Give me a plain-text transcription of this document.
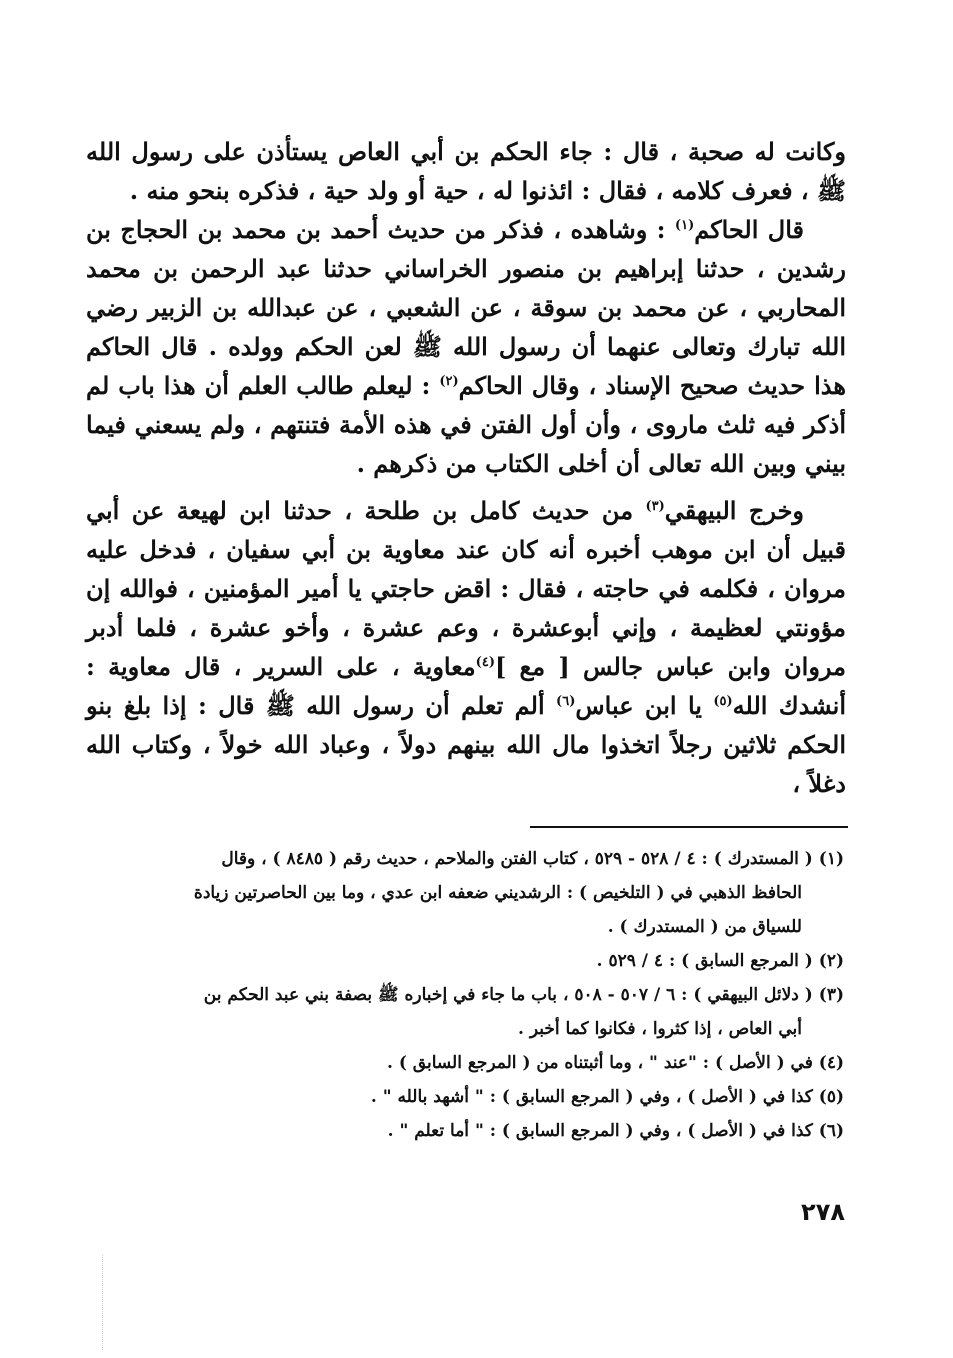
وكانت له صحبة ، قال : جاء الحكم بن أبي العاص يستأذن على رسول الله ﷺ ، فعرف كلامه ، فقال : ائذنوا له ، حية أو ولد حية ، فذكره بنحو منه .

قال الحاكم$^{(١)}$ : وشاهده ، فذكر من حديث أحمد بن محمد بن الحجاج بن رشدين ، حدثنا إبراهيم بن منصور الخراساني حدثنا عبد الرحمن بن محمد المحاربي ، عن محمد بن سوقة ، عن الشعبي ، عن عبدالله بن الزبير رضي الله تبارك وتعالى عنهما أن رسول الله ﷺ لعن الحكم وولده . قال الحاكم هذا حديث صحيح الإسناد ، وقال الحاكم$^{(٢)}$ : ليعلم طالب العلم أن هذا باب لم أذكر فيه ثلث ماروى ، وأن أول الفتن في هذه الأمة فتنتهم ، ولم يسعني فيما بيني وبين الله تعالى أن أخلى الكتاب من ذكرهم .

وخرج البيهقي$^{(٣)}$ من حديث كامل بن طلحة ، حدثنا ابن لهيعة عن أبي قبيل أن ابن موهب أخبره أنه كان عند معاوية بن أبي سفيان ، فدخل عليه مروان ، فكلمه في حاجته ، فقال : اقض حاجتي يا أمير المؤمنين ، فوالله إن مؤونتي لعظيمة ، وإني أبوعشرة ، وعم عشرة ، وأخو عشرة ، فلما أدبر مروان وابن عباس جالس [ مع ]$^{(٤)}$معاوية ، على السرير ، قال معاوية : أنشدك الله$^{(٥)}$ يا ابن عباس$^{(٦)}$ ألم تعلم أن رسول الله ﷺ قال : إذا بلغ بنو الحكم ثلاثين رجلاً اتخذوا مال الله بينهم دولاً ، وعباد الله خولاً ، وكتاب الله دغلاً ،

(١) ( المستدرك ) : ٤ / ٥٢٨ - ٥٢٩ ، كتاب الفتن والملاحم ، حديث رقم ( ٨٤٨٥ ) ، وقال
الحافظ الذهبي في ( التلخيص ) : الرشديني ضعفه ابن عدي ، وما بين الحاصرتين زيادة
للسياق من ( المستدرك ) .

(٢) ( المرجع السابق ) : ٤ / ٥٢٩ .

(٣) ( دلائل البيهقي ) : ٦ / ٥٠٧ - ٥٠٨ ، باب ما جاء في إخباره ﷺ بصفة بني عبد الحكم بن
أبي العاص ، إذا كثروا ، فكانوا كما أخبر .

(٤) في ( الأصل ) : "عند " ، وما أثبتناه من ( المرجع السابق ) .

(٥) كذا في ( الأصل ) ، وفي ( المرجع السابق ) : " أشهد بالله " .

(٦) كذا في ( الأصل ) ، وفي ( المرجع السابق ) : " أما تعلم " .

٢٧٨
